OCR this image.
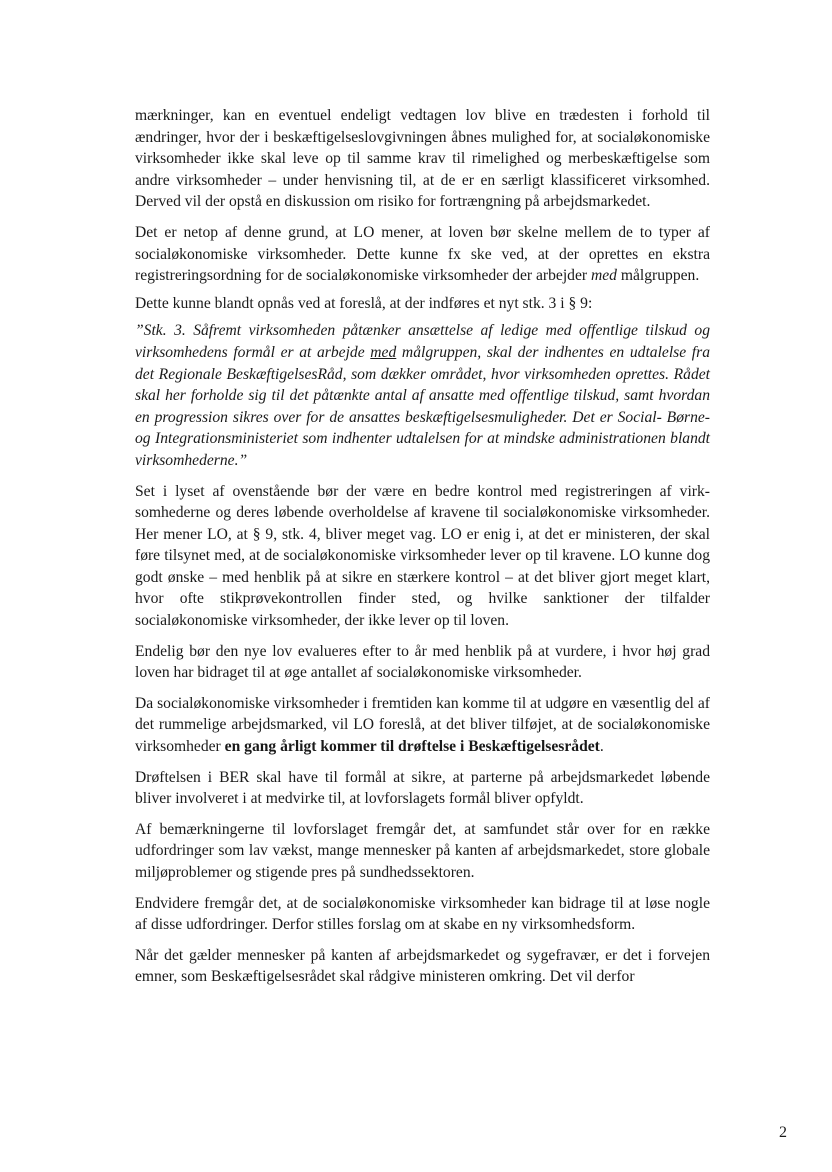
mærkninger, kan en eventuel endeligt vedtagen lov blive en trædesten i forhold til ændringer, hvor der i beskæftigelseslovgivningen åbnes mulighed for, at socialøkonomiske virksomheder ikke skal leve op til samme krav til rimelighed og merbeskæftigelse som andre virksomheder – under henvisning til, at de er en særligt klassificeret virksomhed. Derved vil der opstå en diskussion om risiko for fortrængning på arbejdsmarkedet.

Det er netop af denne grund, at LO mener, at loven bør skelne mellem de to typer af socialøkonomiske virksomheder. Dette kunne fx ske ved, at der oprettes en ekstra registreringsordning for de socialøkonomiske virksomheder der arbejder med målgruppen.

Dette kunne blandt opnås ved at foreslå, at der indføres et nyt stk. 3 i § 9:

”Stk. 3. Såfremt virksomheden påtænker ansættelse af ledige med offentlige tilskud og virksomhedens formål er at arbejde med målgruppen, skal der indhentes en udtalelse fra det Regionale BeskæftigelsesRåd, som dækker området, hvor virksomheden oprettes. Rådet skal her forholde sig til det påtænkte antal af ansatte med offentlige tilskud, samt hvordan en progression sikres over for de ansattes beskæftigelsesmuligheder. Det er Social- Børne- og Integrationsministeriet som indhenter udtalelsen for at mindske administrationen blandt virksomhederne.”

Set i lyset af ovenstående bør der være en bedre kontrol med registreringen af virksomhederne og deres løbende overholdelse af kravene til socialøkonomiske virksomheder. Her mener LO, at § 9, stk. 4, bliver meget vag. LO er enig i, at det er ministeren, der skal føre tilsynet med, at de socialøkonomiske virksomheder lever op til kravene. LO kunne dog godt ønske – med henblik på at sikre en stærkere kontrol – at det bliver gjort meget klart, hvor ofte stikprøvekontrollen finder sted, og hvilke sanktioner der tilfalder socialøkonomiske virksomheder, der ikke lever op til loven.

Endelig bør den nye lov evalueres efter to år med henblik på at vurdere, i hvor høj grad loven har bidraget til at øge antallet af socialøkonomiske virksomheder.

Da socialøkonomiske virksomheder i fremtiden kan komme til at udgøre en væsentlig del af det rummelige arbejdsmarked, vil LO foreslå, at det bliver tilføjet, at de socialøkonomiske virksomheder en gang årligt kommer til drøftelse i Beskæftigelsesrådet.

Drøftelsen i BER skal have til formål at sikre, at parterne på arbejdsmarkedet løbende bliver involveret i at medvirke til, at lovforslagets formål bliver opfyldt.

Af bemærkningerne til lovforslaget fremgår det, at samfundet står over for en række udfordringer som lav vækst, mange mennesker på kanten af arbejdsmarkedet, store globale miljøproblemer og stigende pres på sundhedssektoren.

Endvidere fremgår det, at de socialøkonomiske virksomheder kan bidrage til at løse nogle af disse udfordringer. Derfor stilles forslag om at skabe en ny virksomhedsform.

Når det gælder mennesker på kanten af arbejdsmarkedet og sygefravær, er det i forvejen emner, som Beskæftigelsesrådet skal rådgive ministeren omkring. Det vil derfor

2
